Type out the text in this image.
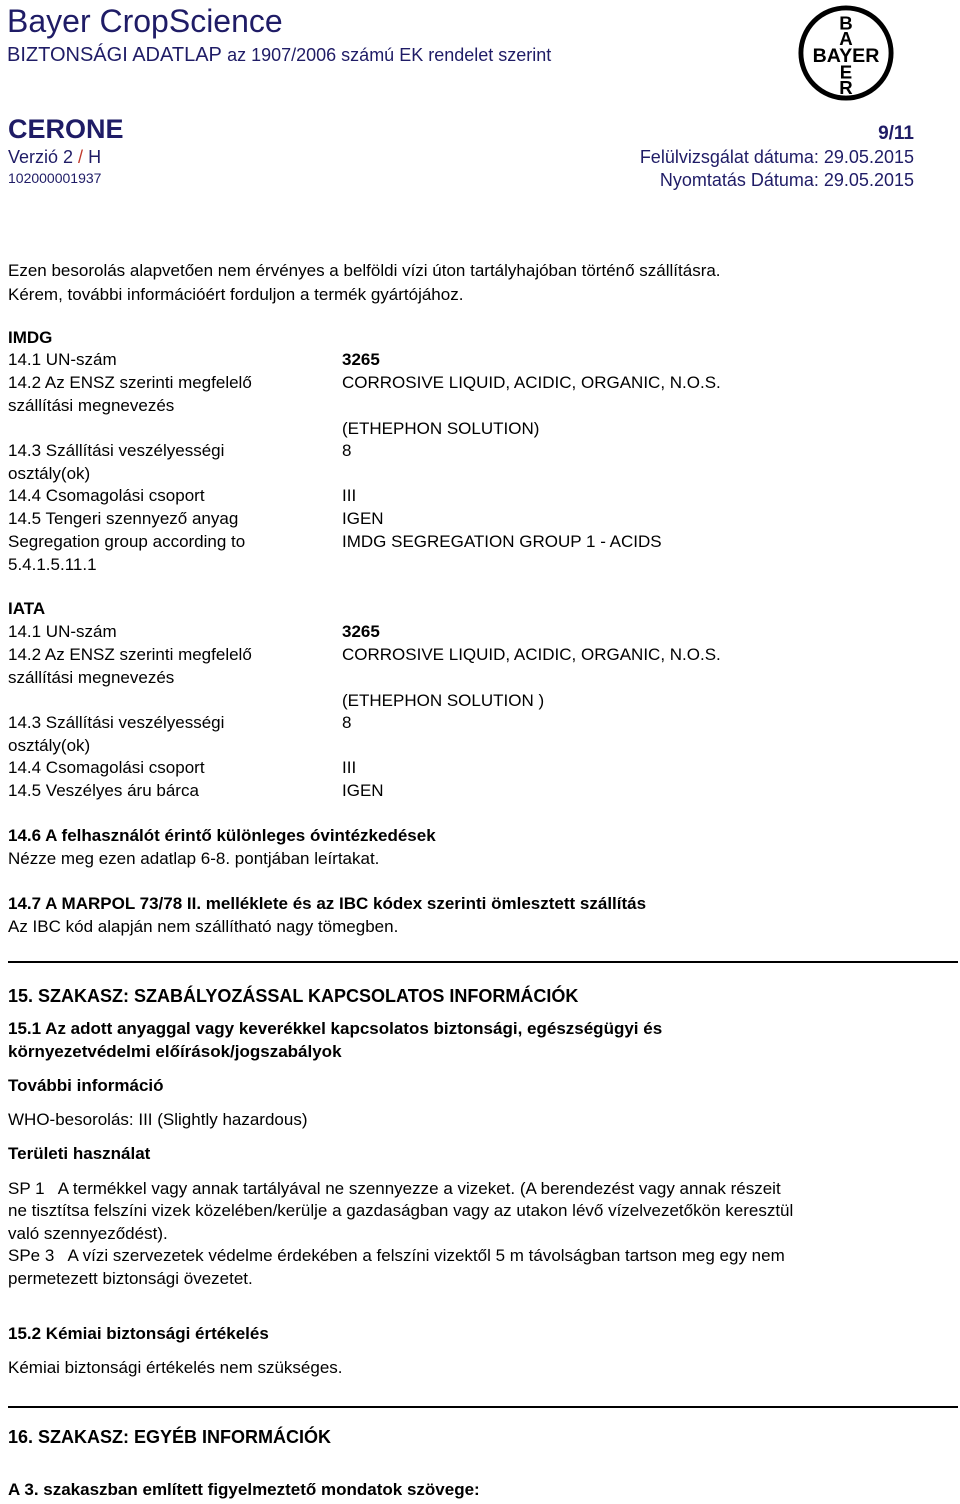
Bayer CropScience
BIZTONSÁGI ADATLAP az 1907/2006 számú EK rendelet szerint
B
A
BAYER
E
R
CERONE	9/11
Verzió 2 / H	Felülvizsgálat dátuma: 29.05.2015
102000001937	Nyomtatás Dátuma: 29.05.2015
Ezen besorolás alapvetően nem érvényes a belföldi vízi úton tartályhajóban történő szállításra.
Kérem, további információért forduljon a termék gyártójához.
IMDG
14.1 UN-szám	3265
14.2 Az ENSZ szerinti megfelelő	CORROSIVE LIQUID, ACIDIC, ORGANIC, N.O.S.
szállítási megnevezés
(ETHEPHON SOLUTION)
14.3 Szállítási veszélyességi	8
osztály(ok)
14.4 Csomagolási csoport	III
14.5 Tengeri szennyező anyag	IGEN
Segregation group according to	IMDG SEGREGATION GROUP 1 - ACIDS
5.4.1.5.11.1
IATA
14.1 UN-szám	3265
14.2 Az ENSZ szerinti megfelelő	CORROSIVE LIQUID, ACIDIC, ORGANIC, N.O.S.
szállítási megnevezés
(ETHEPHON SOLUTION )
14.3 Szállítási veszélyességi	8
osztály(ok)
14.4 Csomagolási csoport	III
14.5 Veszélyes áru bárca	IGEN
14.6 A felhasználót érintő különleges óvintézkedések
Nézze meg ezen adatlap 6-8. pontjában leírtakat.
14.7 A MARPOL 73/78 II. melléklete és az IBC kódex szerinti ömlesztett szállítás
Az IBC kód alapján nem szállítható nagy tömegben.
15. SZAKASZ: SZABÁLYOZÁSSAL KAPCSOLATOS INFORMÁCIÓK
15.1 Az adott anyaggal vagy keverékkel kapcsolatos biztonsági, egészségügyi és
környezetvédelmi előírások/jogszabályok
További információ
WHO-besorolás: III (Slightly hazardous)
Területi használat
SP 1   A termékkel vagy annak tartályával ne szennyezze a vizeket. (A berendezést vagy annak részeit
ne tisztítsa felszíni vizek közelében/kerülje a gazdaságban vagy az utakon lévő vízelvezetőkön keresztül
való szennyeződést).
SPe 3   A vízi szervezetek védelme érdekében a felszíni vizektől 5 m távolságban tartson meg egy nem
permetezett biztonsági övezetet.
15.2 Kémiai biztonsági értékelés
Kémiai biztonsági értékelés nem szükséges.
16. SZAKASZ: EGYÉB INFORMÁCIÓK
A 3. szakaszban említett figyelmeztető mondatok szövege:
